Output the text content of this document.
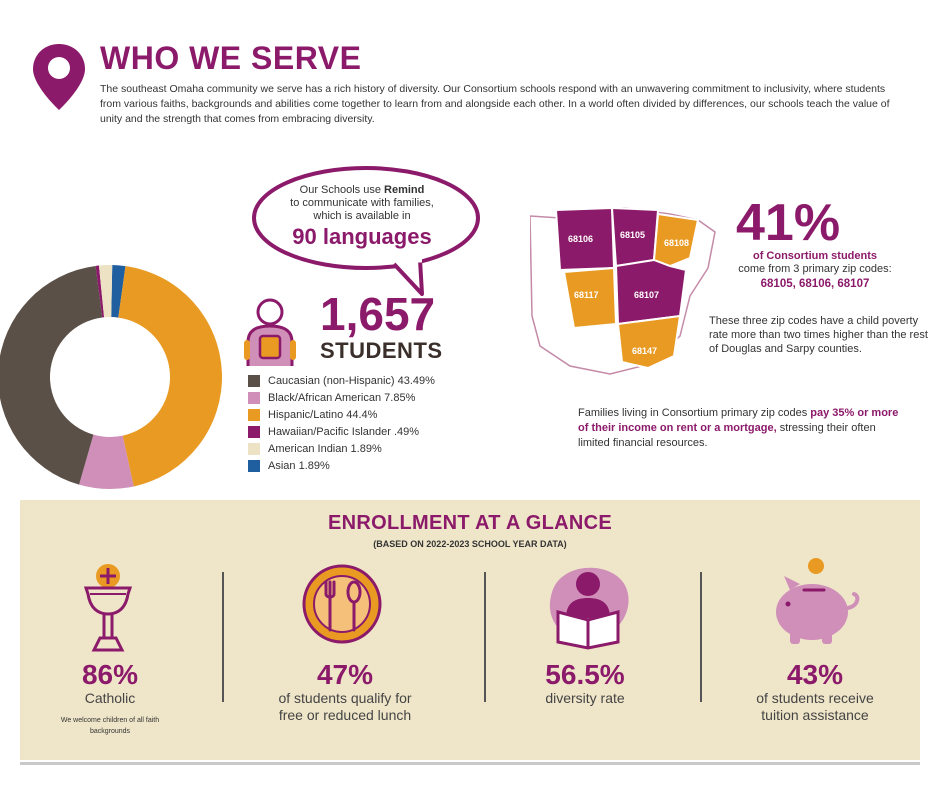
WHO WE SERVE
The southeast Omaha community we serve has a rich history of diversity. Our Consortium schools respond with an unwavering commitment to inclusivity, where students from various faiths, backgrounds and abilities come together to learn from and alongside each other. In a world often divided by differences, our schools teach the value of unity and the strength that comes from embracing diversity.
Our Schools use Remind
to communicate with families,
which is available in
90 languages
1,657
STUDENTS
Caucasian (non-Hispanic) 43.49%
Black/African American 7.85%
Hispanic/Latino 44.4%
Hawaiian/Pacific Islander .49%
American Indian 1.89%
Asian 1.89%
68106	68105
68108
68117	68107
68147
41%
of Consortium students
come from 3 primary zip codes:
68105, 68106, 68107
These three zip codes have a child poverty rate more than two times higher than the rest of Douglas and Sarpy counties.
Families living in Consortium primary zip codes pay 35% or more of their income on rent or a mortgage, stressing their often limited financial resources.
ENROLLMENT AT A GLANCE
(BASED ON 2022-2023 SCHOOL YEAR DATA)
86%
Catholic
We welcome children of all faith backgrounds
47%
of students qualify for free or reduced lunch
56.5%
diversity rate
43%
of students receive tuition assistance
